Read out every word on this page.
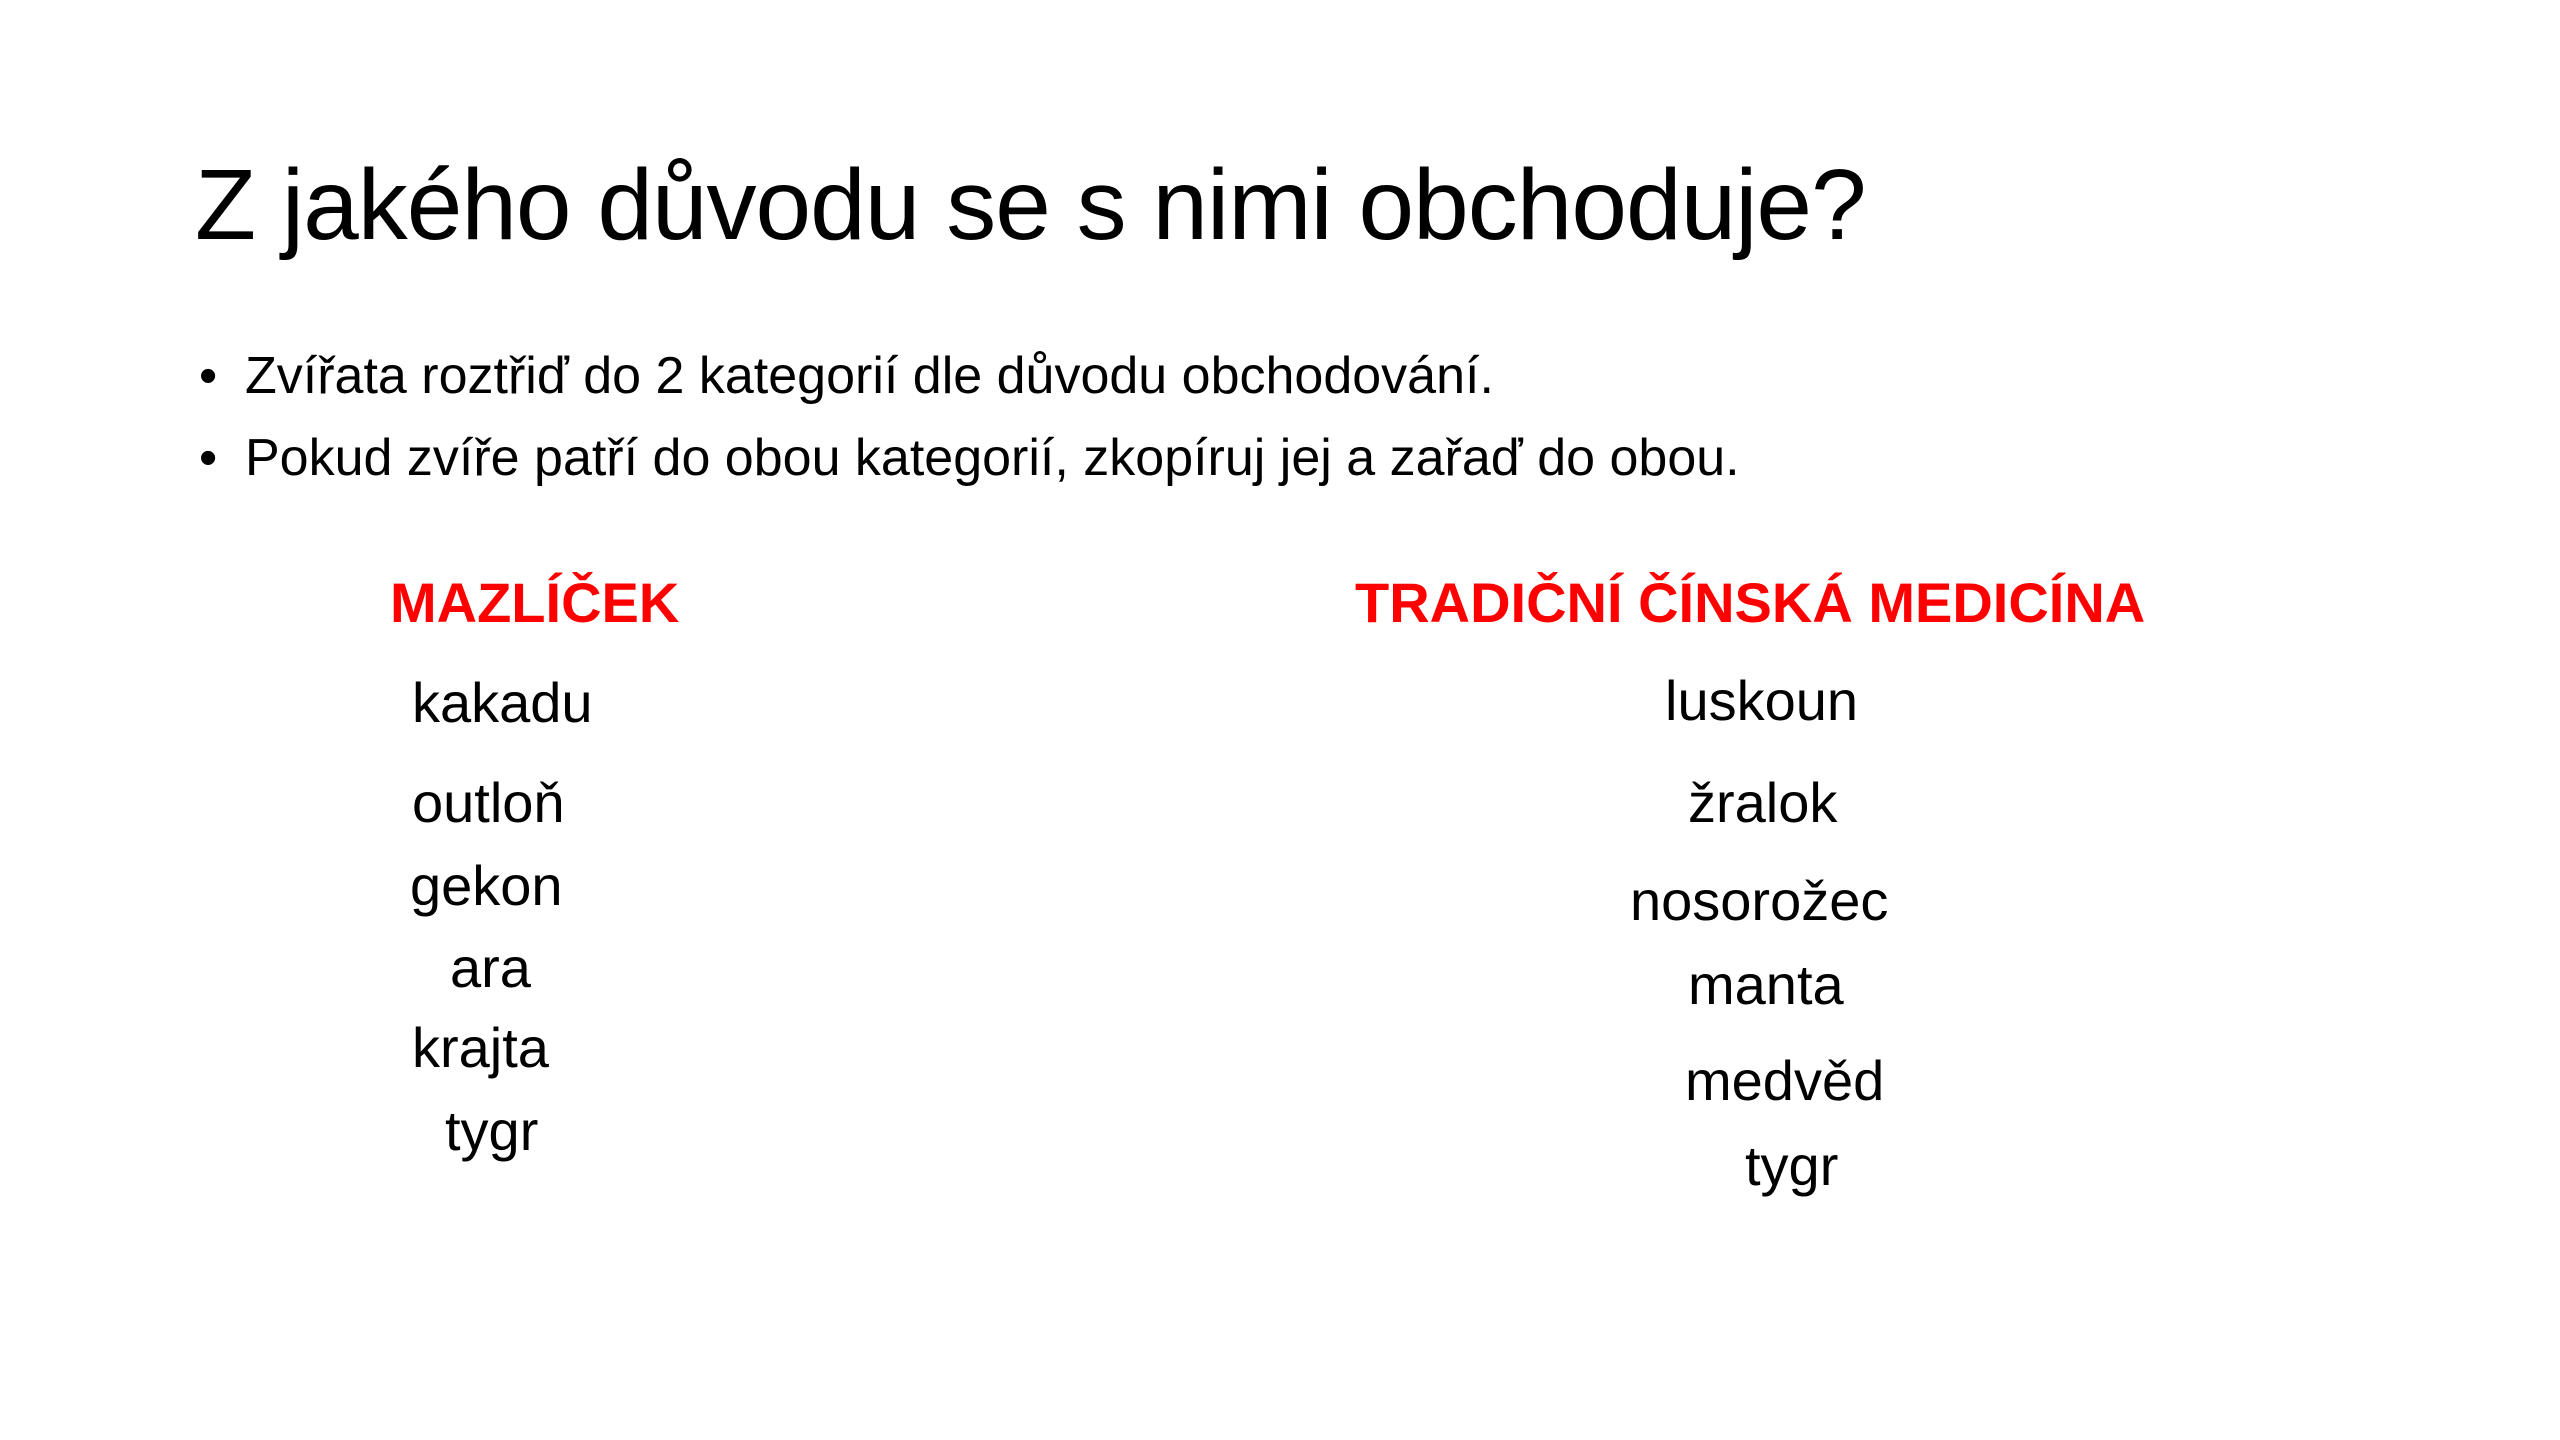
Z jakého důvodu se s nimi obchoduje?
• Zvířata roztřiď do 2 kategorií dle důvodu obchodování.
• Pokud zvíře patří do obou kategorií, zkopíruj jej a zařaď do obou.
MAZLÍČEK
kakadu
outloň
gekon
ara
krajta
tygr
TRADIČNÍ ČÍNSKÁ MEDICÍNA
luskoun
žralok
nosorožec
manta
medvěd
tygr
